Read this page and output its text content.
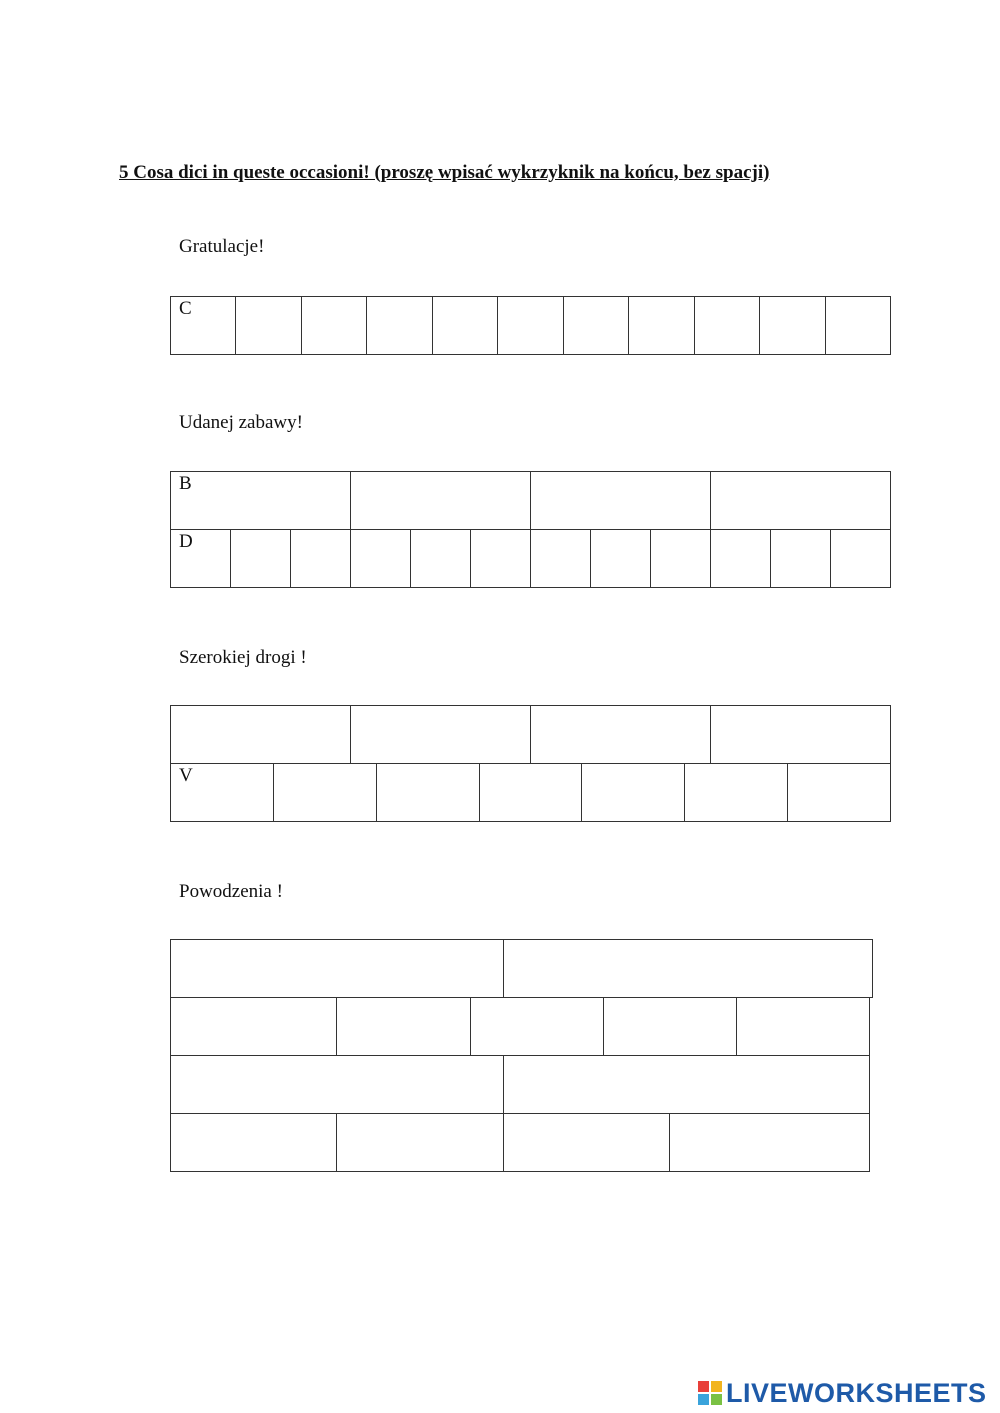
5 Cosa dici in queste occasioni! (proszę wpisać wykrzyknik na końcu, bez spacji)

Gratulacje!

C

Udanej zabawy!

B
D

Szerokiej drogi !

V

Powodzenia !

LIVEWORKSHEETS
